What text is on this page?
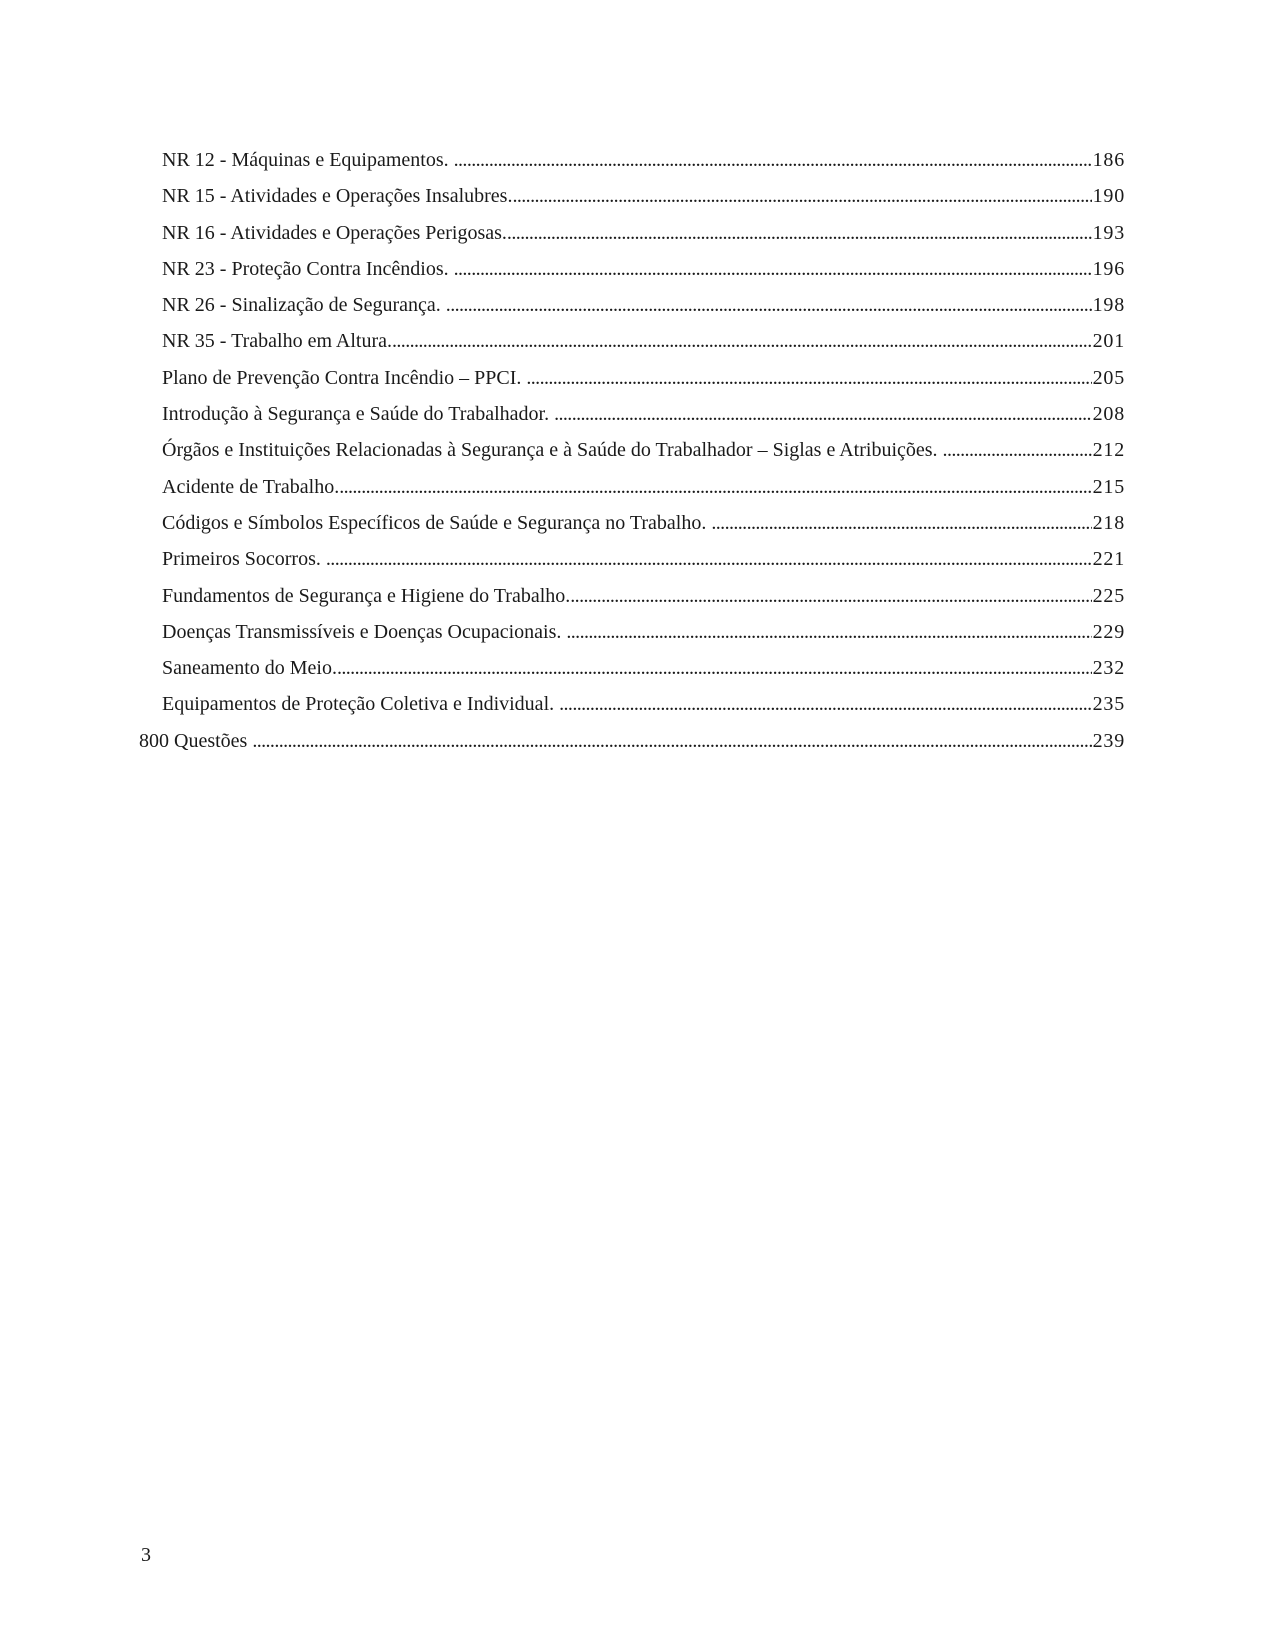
NR 12 - Máquinas e Equipamentos. .....	186
NR 15 - Atividades e Operações Insalubres. .....	190
NR 16 - Atividades e Operações Perigosas. .....	193
NR 23 - Proteção Contra Incêndios. .....	196
NR 26 - Sinalização de Segurança. .....	198
NR 35 - Trabalho em Altura. .....	201
Plano de Prevenção Contra Incêndio – PPCI. .....	205
Introdução à Segurança e Saúde do Trabalhador. .....	208
Órgãos e Instituições Relacionadas à Segurança e à Saúde do Trabalhador – Siglas e Atribuições. .....	212
Acidente de Trabalho. .....	215
Códigos e Símbolos Específicos de Saúde e Segurança no Trabalho. .....	218
Primeiros Socorros. .....	221
Fundamentos de Segurança e Higiene do Trabalho. .....	225
Doenças Transmissíveis e Doenças Ocupacionais. .....	229
Saneamento do Meio. .....	232
Equipamentos de Proteção Coletiva e Individual. .....	235
800 Questões .....	239
3
